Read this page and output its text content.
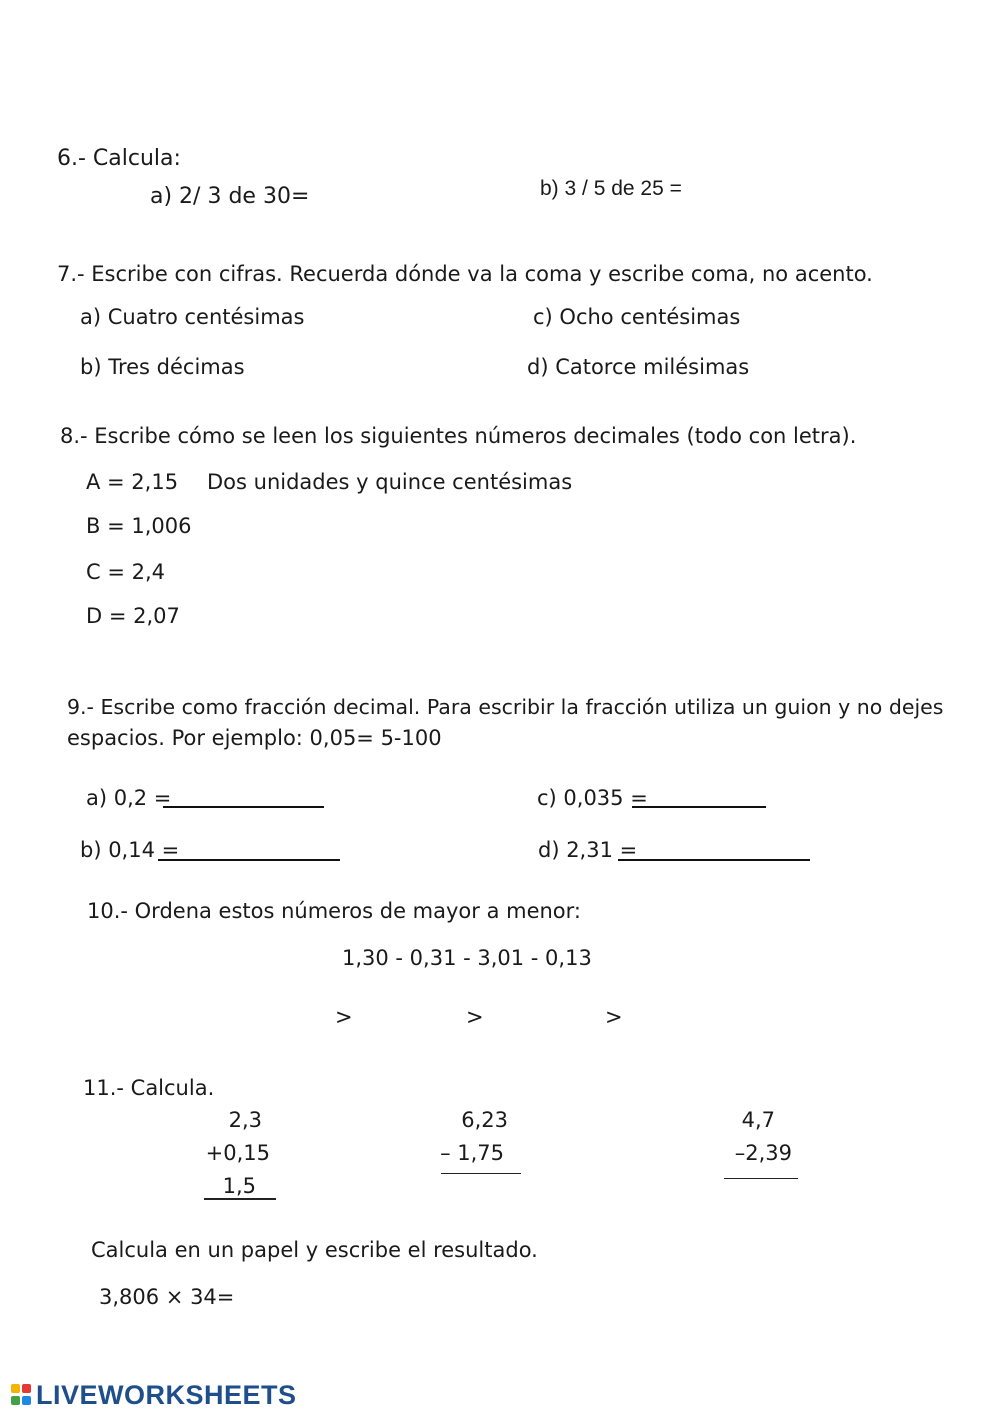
6.- Calcula:
a) 2/ 3 de 30=	b) 3 / 5 de 25 =
7.- Escribe con cifras. Recuerda dónde va la coma y escribe coma, no acento.
a) Cuatro centésimas	c) Ocho centésimas
b) Tres décimas	d) Catorce milésimas
8.- Escribe cómo se leen los siguientes números decimales (todo con letra).
A = 2,15 Dos unidades y quince centésimas
B = 1,006
C = 2,4
D = 2,07
9.- Escribe como fracción decimal. Para escribir la fracción utiliza un guion y no dejes
espacios. Por ejemplo: 0,05= 5-100
a) 0,2 =	c) 0,035 =
b) 0,14 =	d) 2,31 =
10.- Ordena estos números de mayor a menor:
1,30 - 0,31 - 3,01 - 0,13
>	>	>
11.- Calcula.
2,3
+0,15
1,5
6,23
– 1,75
4,7
–2,39
Calcula en un papel y escribe el resultado.
3,806 × 34=
LIVEWORKSHEETS
